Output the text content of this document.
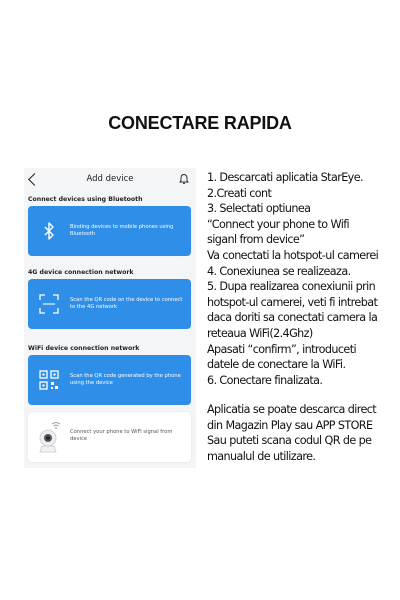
CONECTARE RAPIDA
Add device
Connect devices using Bluetooth
Binding devices to mobile phones using Bluetooth
4G device connection network
Scan the QR code on the device to connect to the 4G network
WiFi device connection network
Scan the QR code generated by the phone using the device
Connect your phone to WiFi signal from device
1. Descarcati aplicatia StarEye.
2.Creati cont
3. Selectati optiunea
“Connect your phone to Wifi
siganl from device”
Va conectati la hotspot-ul camerei
4. Conexiunea se realizeaza.
5. Dupa realizarea conexiunii prin
hotspot-ul camerei, veti fi intrebat
daca doriti sa conectati camera la
reteaua WiFi(2.4Ghz)
Apasati “confirm”, introduceti
datele de conectare la WiFi.
6. Conectare finalizata.
Aplicatia se poate descarca direct
din Magazin Play sau APP STORE
Sau puteti scana codul QR de pe
manualul de utilizare.
